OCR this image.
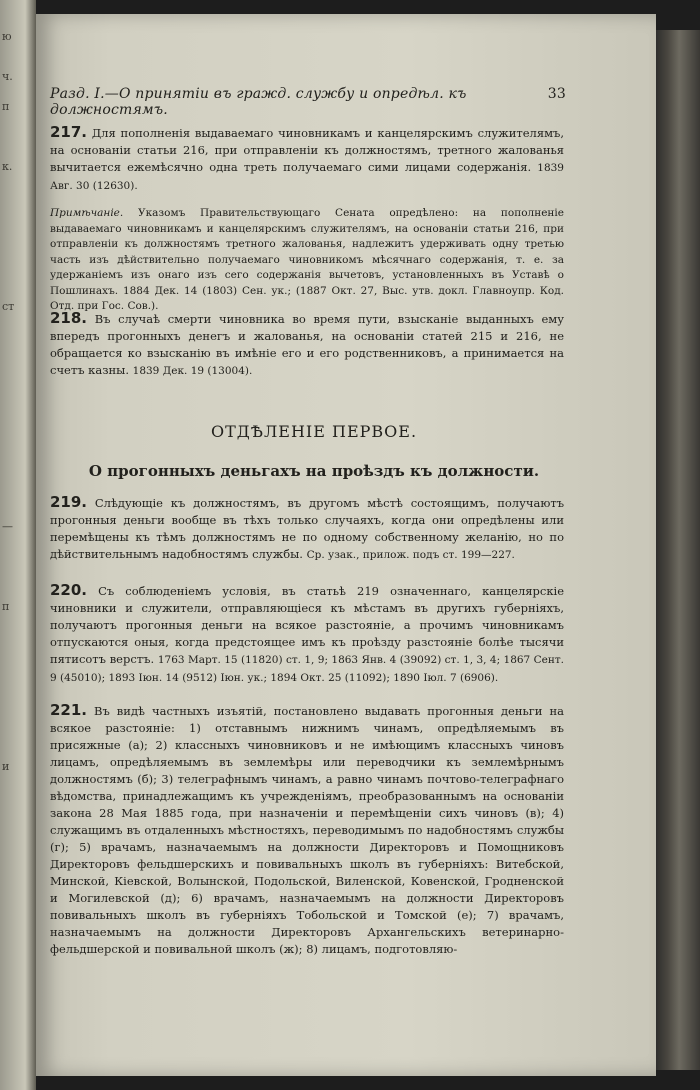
ю
ч.
п
к.
ст
—
п
и
Разд. I.—О принятіи въ гражд. службу и опредѣл. къ должностямъ.
33
217. Для пополненія выдаваемаго чиновникамъ и канцелярскимъ служителямъ, на основаніи статьи 216, при отправленіи къ должностямъ, третного жалованья вычитается ежемѣсячно одна треть получаемаго сими лицами содержанія. 1839 Авг. 30 (12630).
Примѣчаніе. Указомъ Правительствующаго Сената опредѣлено: на пополненіе выдаваемаго чиновникамъ и канцелярскимъ служителямъ, на основаніи статьи 216, при отправленіи къ должностямъ третного жалованья, надлежитъ удерживать одну третью часть изъ дѣйствительно получаемаго чиновникомъ мѣсячнаго содержанія, т. е. за удержаніемъ изъ онаго изъ сего содержанія вычетовъ, установленныхъ въ Уставѣ о Пошлинахъ. 1884 Дек. 14 (1803) Сен. ук.; (1887 Окт. 27, Выс. утв. докл. Главноупр. Код. Отд. при Гос. Сов.).
218. Въ случаѣ смерти чиновника во время пути, взысканіе выданныхъ ему впередъ прогонныхъ денегъ и жалованья, на основаніи статей 215 и 216, не обращается ко взысканію въ имѣніе его и его родственниковъ, а принимается на счетъ казны. 1839 Дек. 19 (13004).
ОТДѢЛЕНІЕ ПЕРВОЕ.
О прогонныхъ деньгахъ на проѣздъ къ должности.
219. Слѣдующіе къ должностямъ, въ другомъ мѣстѣ состоящимъ, получаютъ прогонныя деньги вообще въ тѣхъ только случаяхъ, когда они опредѣлены или перемѣщены къ тѣмъ должностямъ не по одному собственному желанію, но по дѣйствительнымъ надобностямъ службы. Ср. узак., прилож. подъ ст. 199—227.
220. Съ соблюденіемъ условія, въ статьѣ 219 означеннаго, канцелярскіе чиновники и служители, отправляющіеся къ мѣстамъ въ другихъ губерніяхъ, получаютъ прогонныя деньги на всякое разстояніе, а прочимъ чиновникамъ отпускаются оныя, когда предстоящее имъ къ проѣзду разстояніе болѣе тысячи пятисотъ верстъ. 1763 Март. 15 (11820) ст. 1, 9; 1863 Янв. 4 (39092) ст. 1, 3, 4; 1867 Сент. 9 (45010); 1893 Іюн. 14 (9512) Іюн. ук.; 1894 Окт. 25 (11092); 1890 Іюл. 7 (6906).
221. Въ видѣ частныхъ изъятій, постановлено выдавать прогонныя деньги на всякое разстояніе: 1) отставнымъ нижнимъ чинамъ, опредѣляемымъ въ присяжные (а); 2) классныхъ чиновниковъ и не имѣющимъ классныхъ чиновъ лицамъ, опредѣляемымъ въ землемѣры или переводчики къ землемѣрнымъ должностямъ (б); 3) телеграфнымъ чинамъ, а равно чинамъ почтово-телеграфнаго вѣдомства, принадлежащимъ къ учрежденіямъ, преобразованнымъ на основаніи закона 28 Мая 1885 года, при назначеніи и перемѣщеніи сихъ чиновъ (в); 4) служащимъ въ отдаленныхъ мѣстностяхъ, переводимымъ по надобностямъ службы (г); 5) врачамъ, назначаемымъ на должности Директоровъ и Помощниковъ Директоровъ фельдшерскихъ и повивальныхъ школъ въ губерніяхъ: Витебской, Минской, Кіевской, Волынской, Подольской, Виленской, Ковенской, Гродненской и Могилевской (д); 6) врачамъ, назначаемымъ на должности Директоровъ повивальныхъ школъ въ губерніяхъ Тобольской и Томской (е); 7) врачамъ, назначаемымъ на должности Директоровъ Архангельскихъ ветеринарно-фельдшерской и повивальной школъ (ж); 8) лицамъ, подготовляю-
